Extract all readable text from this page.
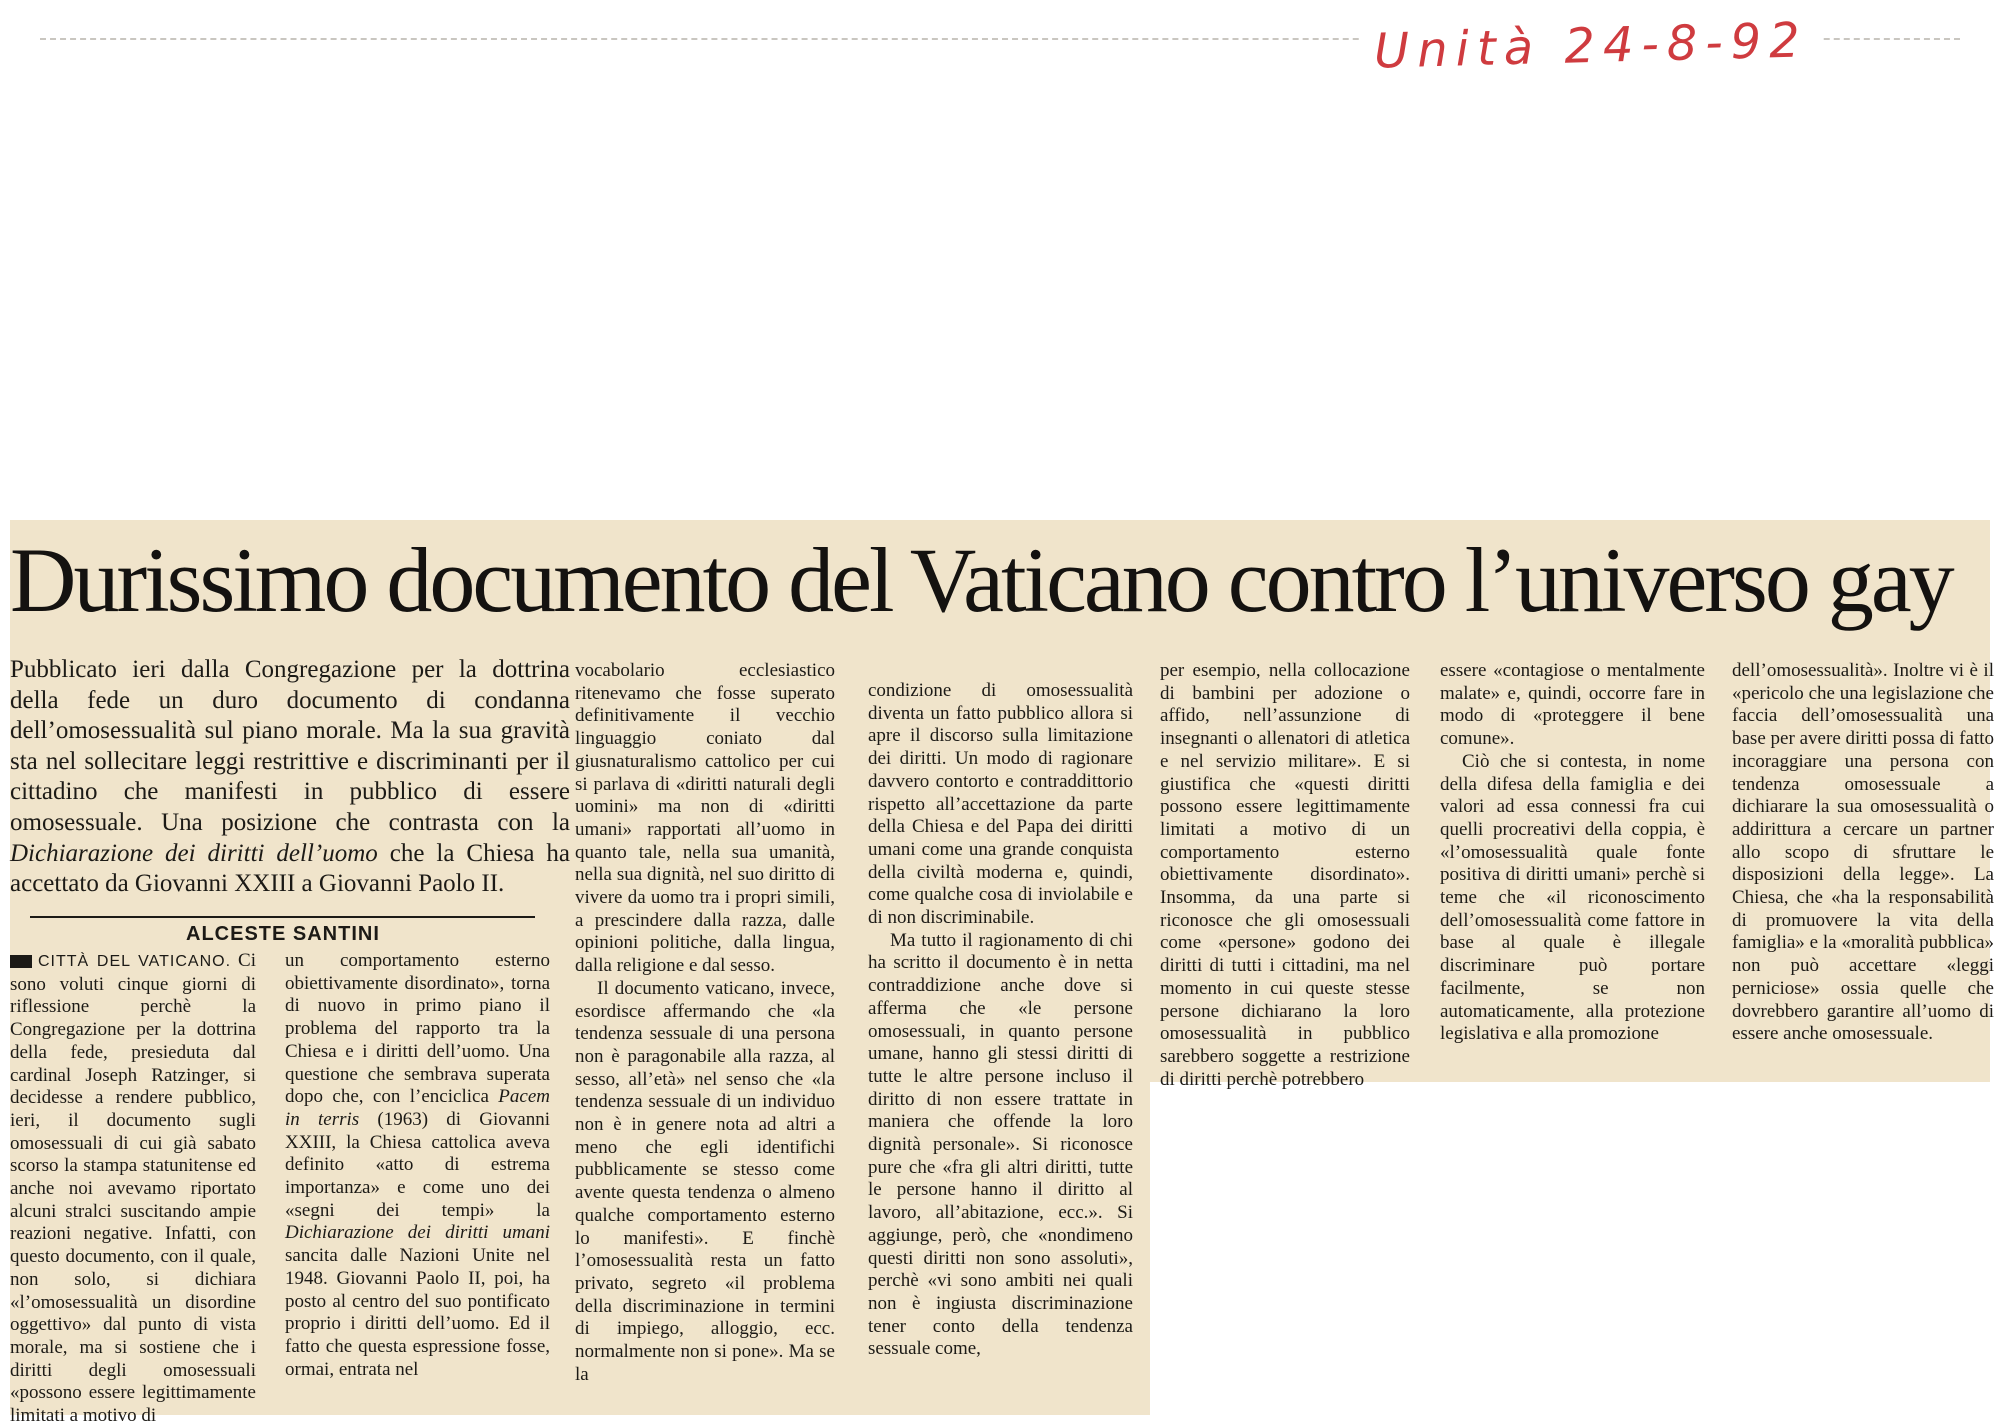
Unità 24-8-92
Durissimo documento del Vaticano contro l’universo gay

Pubblicato ieri dalla Congregazione per la dottrina della fede un duro documento di condanna dell’omosessualità sul piano morale. Ma la sua gravità sta nel sollecitare leggi restrittive e discriminanti per il cittadino che manifesti in pubblico di essere omosessuale. Una posizione che contrasta con la Dichiarazione dei diritti dell’uomo che la Chiesa ha accettato da Giovanni XXIII a Giovanni Paolo II.

ALCESTE SANTINI

CITTÀ DEL VATICANO. Ci sono voluti cinque giorni di riflessione perchè la Congregazione per la dottrina della fede, presieduta dal cardinal Joseph Ratzinger, si decidesse a rendere pubblico, ieri, il documento sugli omosessuali di cui già sabato scorso la stampa statunitense ed anche noi avevamo riportato alcuni stralci suscitando ampie reazioni negative. Infatti, con questo documento, con il quale, non solo, si dichiara «l’omosessualità un disordine oggettivo» dal punto di vista morale, ma si sostiene che i diritti degli omosessuali «possono essere legittimamente limitati a motivo di

un comportamento esterno obiettivamente disordinato», torna di nuovo in primo piano il problema del rapporto tra la Chiesa e i diritti dell’uomo. Una questione che sembrava superata dopo che, con l’enciclica Pacem in terris (1963) di Giovanni XXIII, la Chiesa cattolica aveva definito «atto di estrema importanza» e come uno dei «segni dei tempi» la Dichiarazione dei diritti umani sancita dalle Nazioni Unite nel 1948. Giovanni Paolo II, poi, ha posto al centro del suo pontificato proprio i diritti dell’uomo. Ed il fatto che questa espressione fosse, ormai, entrata nel

vocabolario ecclesiastico ritenevamo che fosse superato definitivamente il vecchio linguaggio coniato dal giusnaturalismo cattolico per cui si parlava di «diritti naturali degli uomini» ma non di «diritti umani» rapportati all’uomo in quanto tale, nella sua umanità, nella sua dignità, nel suo diritto di vivere da uomo tra i propri simili, a prescindere dalla razza, dalle opinioni politiche, dalla lingua, dalla religione e dal sesso.

Il documento vaticano, invece, esordisce affermando che «la tendenza sessuale di una persona non è paragonabile alla razza, al sesso, all’età» nel senso che «la tendenza sessuale di un individuo non è in genere nota ad altri a meno che egli identifichi pubblicamente se stesso come avente questa tendenza o almeno qualche comportamento esterno lo manifesti». E finchè l’omosessualità resta un fatto privato, segreto «il problema della discriminazione in termini di impiego, alloggio, ecc. normalmente non si pone». Ma se la

condizione di omosessualità diventa un fatto pubblico allora si apre il discorso sulla limitazione dei diritti. Un modo di ragionare davvero contorto e contraddittorio rispetto all’accettazione da parte della Chiesa e del Papa dei diritti umani come una grande conquista della civiltà moderna e, quindi, come qualche cosa di inviolabile e di non discriminabile.

Ma tutto il ragionamento di chi ha scritto il documento è in netta contraddizione anche dove si afferma che «le persone omosessuali, in quanto persone umane, hanno gli stessi diritti di tutte le altre persone incluso il diritto di non essere trattate in maniera che offende la loro dignità personale». Si riconosce pure che «fra gli altri diritti, tutte le persone hanno il diritto al lavoro, all’abitazione, ecc.». Si aggiunge, però, che «nondimeno questi diritti non sono assoluti», perchè «vi sono ambiti nei quali non è ingiusta discriminazione tener conto della tendenza sessuale come,

per esempio, nella collocazione di bambini per adozione o affido, nell’assunzione di insegnanti o allenatori di atletica e nel servizio militare». E si giustifica che «questi diritti possono essere legittimamente limitati a motivo di un comportamento esterno obiettivamente disordinato». Insomma, da una parte si riconosce che gli omosessuali come «persone» godono dei diritti di tutti i cittadini, ma nel momento in cui queste stesse persone dichiarano la loro omosessualità in pubblico sarebbero soggette a restrizione di diritti perchè potrebbero

essere «contagiose o mentalmente malate» e, quindi, occorre fare in modo di «proteggere il bene comune».

Ciò che si contesta, in nome della difesa della famiglia e dei valori ad essa connessi fra cui quelli procreativi della coppia, è «l’omosessualità quale fonte positiva di diritti umani» perchè si teme che «il riconoscimento dell’omosessualità come fattore in base al quale è illegale discriminare può portare facilmente, se non automaticamente, alla protezione legislativa e alla promozione

dell’omosessualità». Inoltre vi è il «pericolo che una legislazione che faccia dell’omosessualità una base per avere diritti possa di fatto incoraggiare una persona con tendenza omosessuale a dichiarare la sua omosessualità o addirittura a cercare un partner allo scopo di sfruttare le disposizioni della legge». La Chiesa, che «ha la responsabilità di promuovere la vita della famiglia» e la «moralità pubblica» non può accettare «leggi perniciose» ossia quelle che dovrebbero garantire all’uomo di essere anche omosessuale.
